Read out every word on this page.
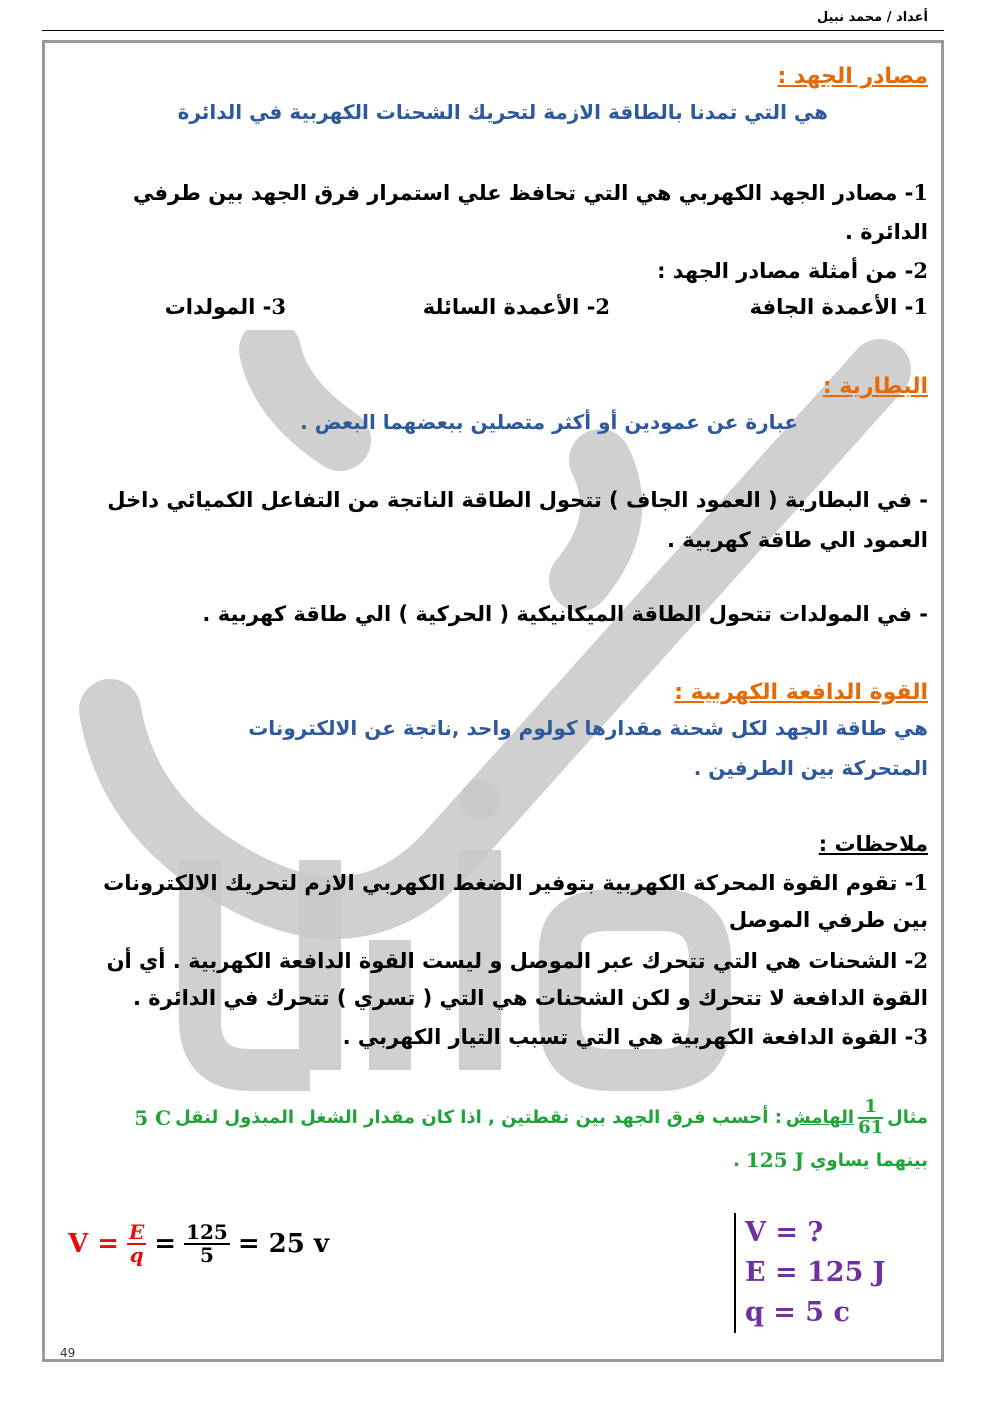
أعداد / محمد نبيل
مصادر الجهد :
هي التي تمدنا بالطاقة الازمة لتحريك الشحنات الكهربية في الدائرة
1- مصادر الجهد الكهربي هي التي تحافظ علي استمرار فرق الجهد بين طرفي
الدائرة .
2- من أمثلة مصادر الجهد :
1- الأعمدة الجافة
2- الأعمدة السائلة
3- المولدات
البطارية :
عبارة عن عمودين أو أكثر متصلين ببعضهما البعض .
- في البطارية ( العمود الجاف ) تتحول الطاقة الناتجة من التفاعل الكميائي داخل
العمود الي طاقة كهربية .
- في المولدات تتحول الطاقة الميكانيكية ( الحركية ) الي طاقة كهربية .
القوة الدافعة الكهربية :
هي طاقة الجهد لكل شحنة مقدارها كولوم واحد ,ناتجة عن الالكترونات
المتحركة بين الطرفين .
ملاحظات :
1- تقوم القوة المحركة الكهربية بتوفير الضغط الكهربي الازم لتحريك الالكترونات
بين طرفي الموصل
2- الشحنات هي التي تتحرك عبر الموصل و ليست القوة الدافعة الكهربية . أي أن
القوة الدافعة لا تتحرك و لكن الشحنات هي التي ( تسري ) تتحرك في الدائرة .
3- القوة الدافعة الكهربية هي التي تسبب التيار الكهربي .
مثال
$\frac{1}{61}$
الهامش
: أحسب فرق الجهد بين نقطتين , اذا كان مقدار الشغل المبذول لنقل
5 C
بينهما يساوي
125 J
.
$V = \frac{E}{q} = \frac{125}{5} = 25$ v	V = ?
E = 125 J
q = 5 c
49
